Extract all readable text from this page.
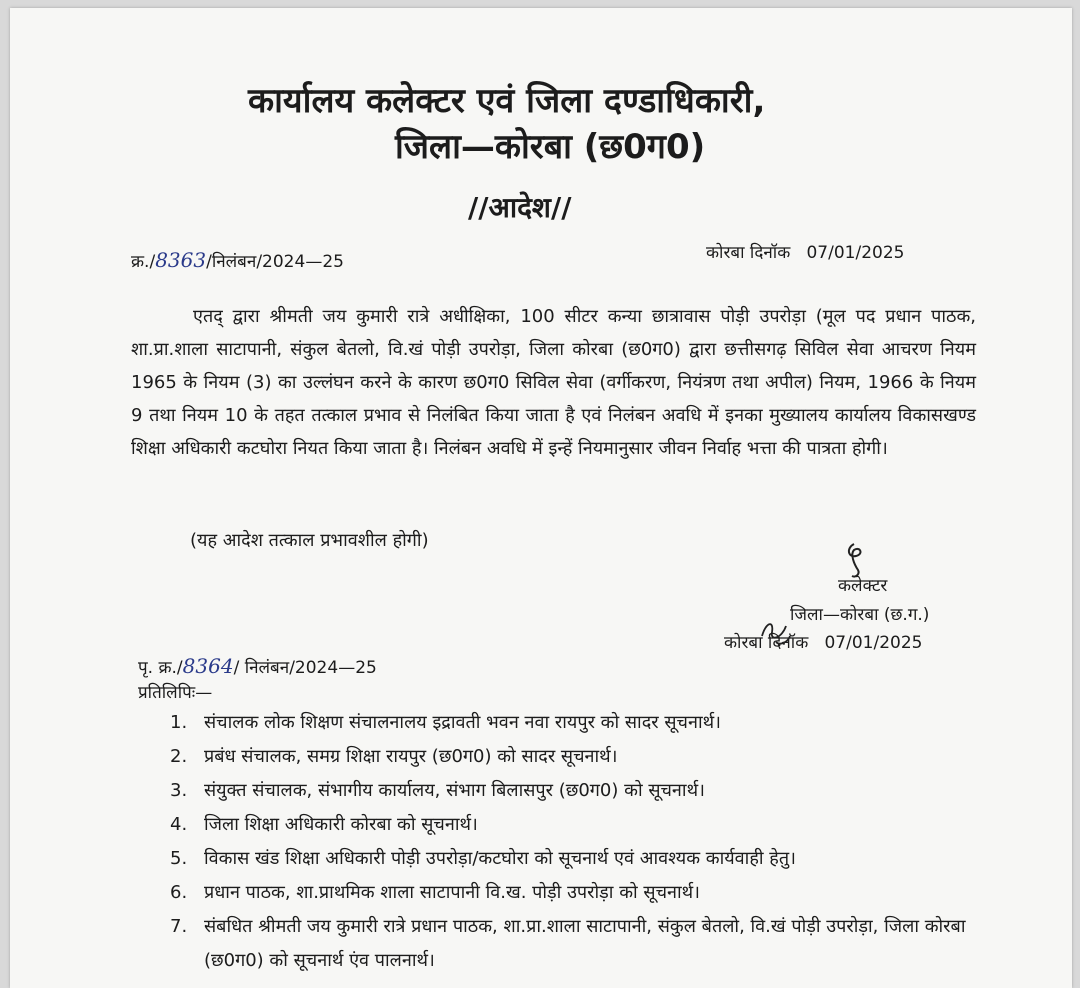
कार्यालय कलेक्टर एवं जिला दण्डाधिकारी,
जिला—कोरबा (छ0ग0)
//आदेश//
क्र./8363/निलंबन/2024—25	कोरबा दिनॉक 07/01/2025
एतद् द्वारा श्रीमती जय कुमारी रात्रे अधीक्षिका, 100 सीटर कन्या छात्रावास पोड़ी उपरोड़ा (मूल पद प्रधान पाठक, शा.प्रा.शाला साटापानी, संकुल बेतलो, वि.खं पोड़ी उपरोड़ा, जिला कोरबा (छ0ग0) द्वारा छत्तीसगढ़ सिविल सेवा आचरण नियम 1965 के नियम (3) का उल्लंघन करने के कारण छ0ग0 सिविल सेवा (वर्गीकरण, नियंत्रण तथा अपील) नियम, 1966 के नियम 9 तथा नियम 10 के तहत तत्काल प्रभाव से निलंबित किया जाता है एवं निलंबन अवधि में इनका मुख्यालय कार्यालय विकासखण्ड शिक्षा अधिकारी कटघोरा नियत किया जाता है। निलंबन अवधि में इन्हें नियमानुसार जीवन निर्वाह भत्ता की पात्रता होगी।
(यह आदेश तत्काल प्रभावशील होगी)
कलेक्टर
जिला—कोरबा (छ.ग.)
कोरबा दिनॉक 07/01/2025
पृ. क्र./8364/ निलंबन/2024—25
प्रतिलिपिः—
1. संचालक लोक शिक्षण संचालनालय इद्रावती भवन नवा रायपुर को सादर सूचनार्थ।
2. प्रबंध संचालक, समग्र शिक्षा रायपुर (छ0ग0) को सादर सूचनार्थ।
3. संयुक्त संचालक, संभागीय कार्यालय, संभाग बिलासपुर (छ0ग0) को सूचनार्थ।
4. जिला शिक्षा अधिकारी कोरबा को सूचनार्थ।
5. विकास खंड शिक्षा अधिकारी पोड़ी उपरोड़ा/कटघोरा को सूचनार्थ एवं आवश्यक कार्यवाही हेतु।
6. प्रधान पाठक, शा.प्राथमिक शाला साटापानी वि.ख. पोड़ी उपरोड़ा को सूचनार्थ।
7. संबधित श्रीमती जय कुमारी रात्रे प्रधान पाठक, शा.प्रा.शाला साटापानी, संकुल बेतलो, वि.खं पोड़ी उपरोड़ा, जिला कोरबा (छ0ग0) को सूचनार्थ एंव पालनार्थ।
